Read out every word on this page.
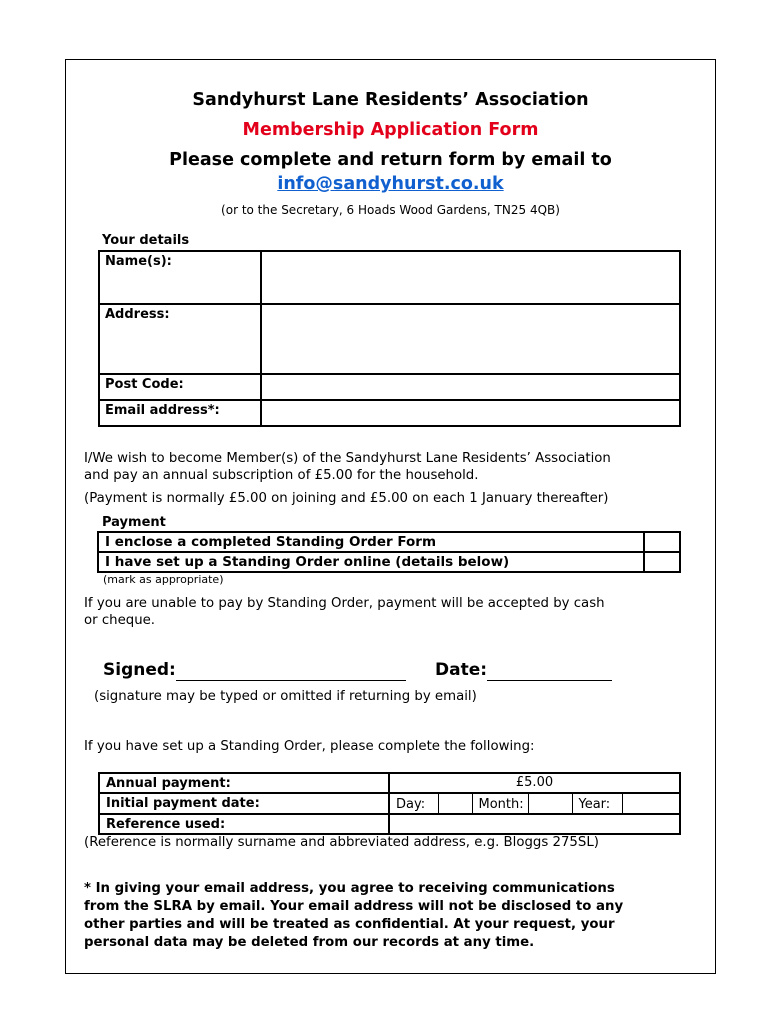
Sandyhurst Lane Residents’ Association
Membership Application Form
Please complete and return form by email to
info@sandyhurst.co.uk
(or to the Secretary, 6 Hoads Wood Gardens, TN25 4QB)
Your details
Name(s):	
Address:	
Post Code:	
Email address*:	
I/We wish to become Member(s) of the Sandyhurst Lane Residents’ Association
and pay an annual subscription of £5.00 for the household.
(Payment is normally £5.00 on joining and £5.00 on each 1 January thereafter)
Payment
I enclose a completed Standing Order Form	
I have set up a Standing Order online (details below)	
(mark as appropriate)
If you are unable to pay by Standing Order, payment will be accepted by cash
or cheque.
Signed:	Date:
(signature may be typed or omitted if returning by email)
If you have set up a Standing Order, please complete the following:
Annual payment:	£5.00
Initial payment date:		Day:		Month:		Year:	

Reference used:	
(Reference is normally surname and abbreviated address, e.g. Bloggs 275SL)
* In giving your email address, you agree to receiving communications
from the SLRA by email. Your email address will not be disclosed to any
other parties and will be treated as confidential. At your request, your
personal data may be deleted from our records at any time.
